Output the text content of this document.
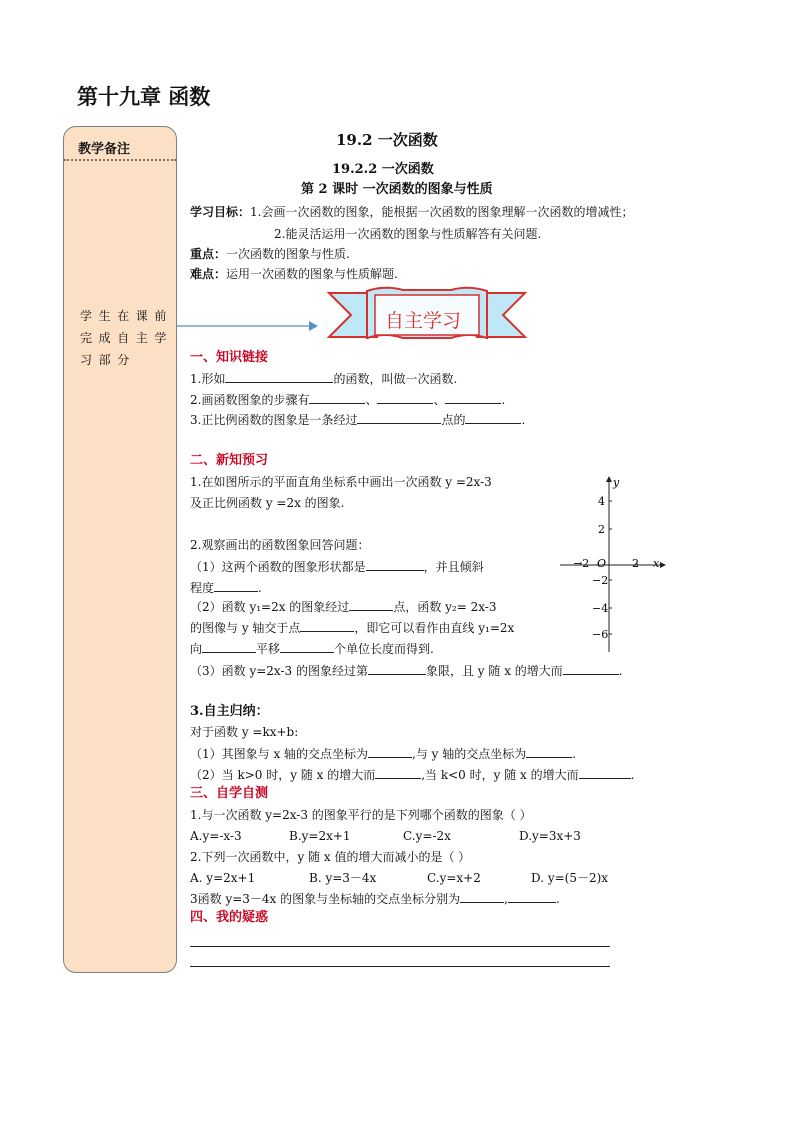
第十九章 函数
教学备注
学生在课前
完成自主学
习部分
19.2 一次函数
19.2.2 一次函数
第 2 课时 一次函数的图象与性质
学习目标：1.会画一次函数的图象，能根据一次函数的图象理解一次函数的增减性；
2.能灵活运用一次函数的图象与性质解答有关问题.
重点：一次函数的图象与性质.
难点：运用一次函数的图象与性质解题.
自主学习
一、知识链接
1.形如	的函数，叫做一次函数.
2.画函数图象的步骤有	、	、	.
3.正比例函数的图象是一条经过	点的	.
二、新知预习
1.在如图所示的平面直角坐标系中画出一次函数 y =2x-3
及正比例函数 y =2x 的图象.
2.观察画出的函数图象回答问题：
（1）这两个函数的图象形状都是	，并且倾斜
程度	.
（2）函数 y₁=2x 的图象经过	点，函数 y₂= 2x-3
的图像与 y 轴交于点	，即它可以看作由直线 y₁=2x
向	平移	个单位长度而得到.
（3）函数 y=2x-3 的图象经过第	象限，且 y 随 x 的增大而	.
y
x
O
−2	2
4
2
−2
−4
−6
3.自主归纳：
对于函数 y =kx+b:
（1）其图象与 x 轴的交点坐标为	,与 y 轴的交点坐标为	.
（2）当 k>0 时，y 随 x 的增大而	,当 k<0 时，y 随 x 的增大而	.
三、自学自测
1.与一次函数 y=2x-3 的图象平行的是下列哪个函数的图象（ ）
A.y=-x-3	B.y=2x+1	C.y=-2x	D.y=3x+3
2.下列一次函数中，y 随 x 值的增大而减小的是（ ）
A. y=2x+1	B. y=3－4x	C.y=x+2	D. y=(5－2)x
3函数 y=3－4x 的图象与坐标轴的交点坐标分别为	,	.
四、我的疑惑
